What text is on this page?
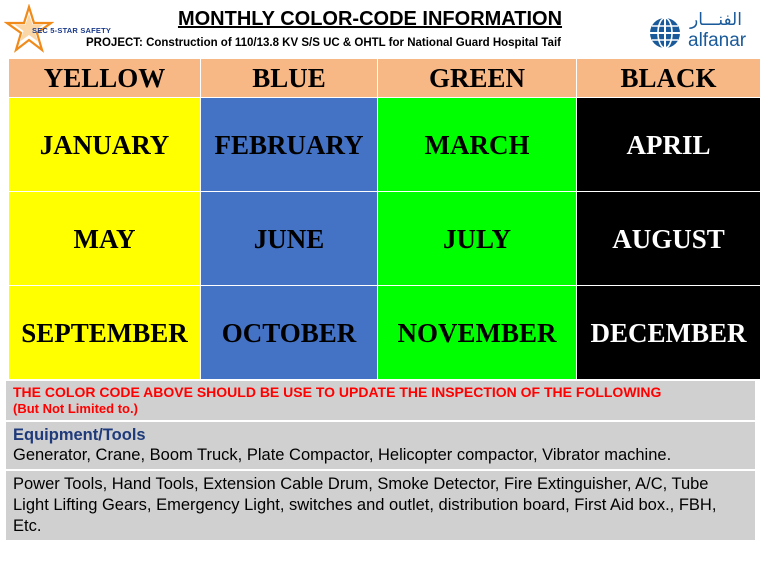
SEC 5-STAR SAFETY
MONTHLY COLOR-CODE INFORMATION
PROJECT: Construction of 110/13.8 KV S/S UC & OHTL for National Guard Hospital Taif
الفنـــار
alfanar
YELLOW	BLUE	GREEN	BLACK
JANUARY	FEBRUARY	MARCH	APRIL
MAY	JUNE	JULY	AUGUST
SEPTEMBER	OCTOBER	NOVEMBER	DECEMBER
THE COLOR CODE ABOVE SHOULD BE USE TO UPDATE THE INSPECTION OF THE FOLLOWING
(But Not Limited to.)
Equipment/Tools
Generator, Crane, Boom Truck, Plate Compactor, Helicopter compactor, Vibrator machine.
Power Tools, Hand Tools, Extension Cable Drum, Smoke Detector, Fire Extinguisher, A/C, Tube Light Lifting Gears, Emergency Light, switches and outlet, distribution board, First Aid box., FBH, Etc.
